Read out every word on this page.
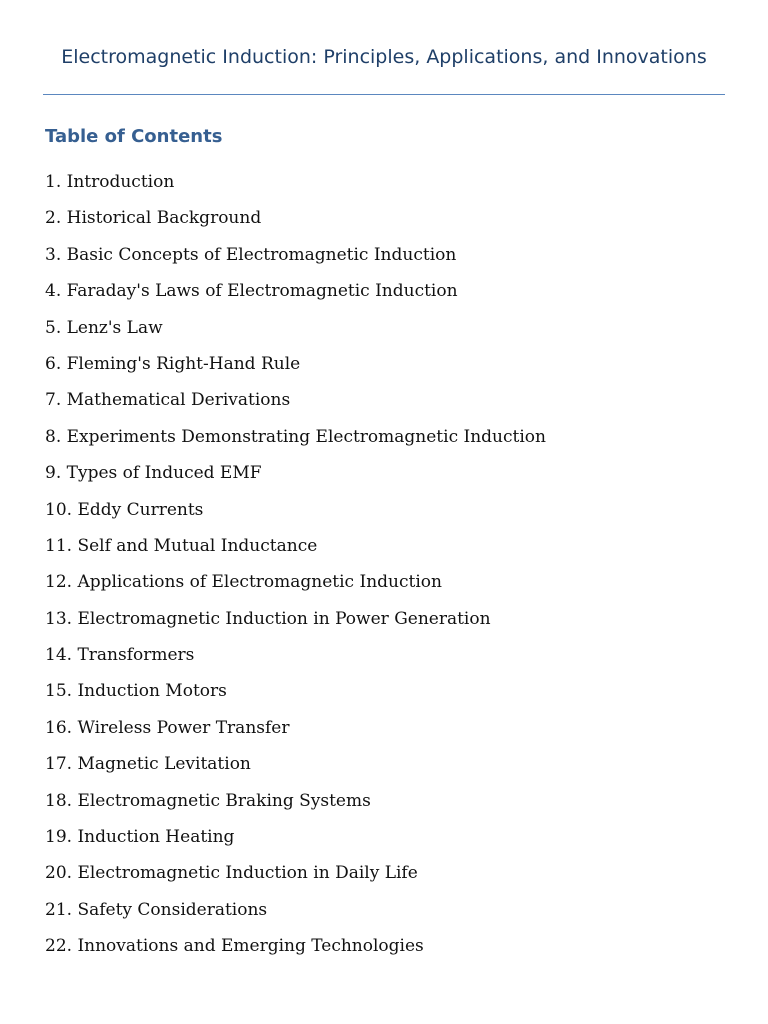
Electromagnetic Induction: Principles, Applications, and Innovations
Table of Contents
1. Introduction
2. Historical Background
3. Basic Concepts of Electromagnetic Induction
4. Faraday's Laws of Electromagnetic Induction
5. Lenz's Law
6. Fleming's Right-Hand Rule
7. Mathematical Derivations
8. Experiments Demonstrating Electromagnetic Induction
9. Types of Induced EMF
10. Eddy Currents
11. Self and Mutual Inductance
12. Applications of Electromagnetic Induction
13. Electromagnetic Induction in Power Generation
14. Transformers
15. Induction Motors
16. Wireless Power Transfer
17. Magnetic Levitation
18. Electromagnetic Braking Systems
19. Induction Heating
20. Electromagnetic Induction in Daily Life
21. Safety Considerations
22. Innovations and Emerging Technologies
